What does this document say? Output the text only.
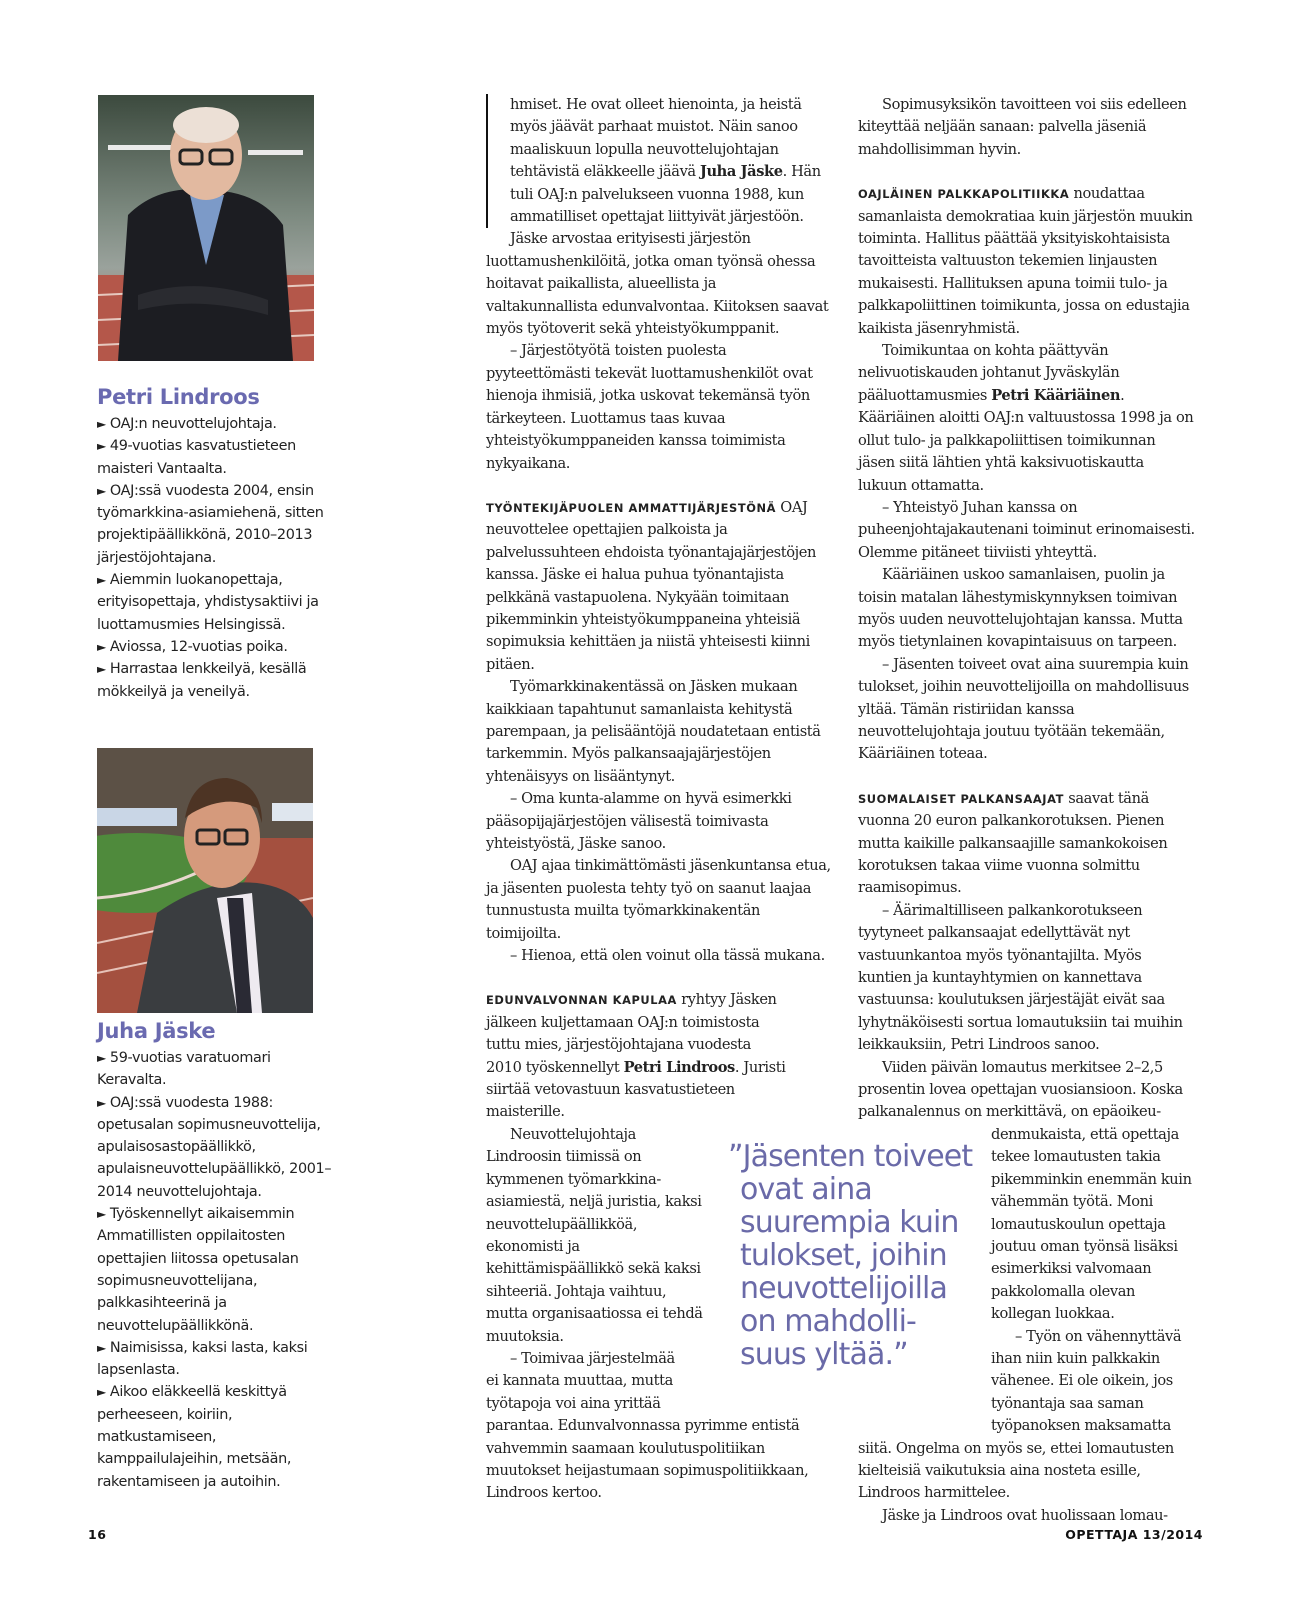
Petri Lindroos
► OAJ:n neuvottelujohtaja.
► 49-vuotias kasvatustieteen maisteri Vantaalta.
► OAJ:ssä vuodesta 2004, ensin työmarkkina-asiamiehenä, sitten projektipäällikkönä, 2010–2013 järjestöjohtajana.
► Aiemmin luokanopettaja, erityisopettaja, yhdistysaktiivi ja luottamusmies Helsingissä.
► Aviossa, 12-vuotias poika.
► Harrastaa lenkkeilyä, kesällä mökkeilyä ja veneilyä.
Juha Jäske
► 59-vuotias varatuomari Keravalta.
► OAJ:ssä vuodesta 1988: opetusalan sopimusneuvottelija, apulaisosastopäällikkö, apulaisneuvottelupäällikkö, 2001–2014 neuvottelujohtaja.
► Työskennellyt aikaisemmin Ammatillisten oppilaitosten opettajien liitossa opetusalan sopimusneuvottelijana, palkkasihteerinä ja neuvottelupäällikkönä.
► Naimisissa, kaksi lasta, kaksi lapsenlasta.
► Aikoo eläkkeellä keskittyä perheeseen, koiriin, matkustamiseen, kamppailulajeihin, metsään, rakentamiseen ja autoihin.

hmiset. He ovat olleet hienointa, ja heistä myös jäävät parhaat muistot. Näin sanoo maaliskuun lopulla neuvottelujohtajan tehtävistä eläkkeelle jäävä Juha Jäske. Hän tuli OAJ:n palvelukseen vuonna 1988, kun ammatilliset opettajat liittyivät järjestöön.

Jäske arvostaa erityisesti järjestön luottamushenkilöitä, jotka oman työnsä ohessa hoitavat paikallista, alueellista ja valtakunnallista edunvalvontaa. Kiitoksen saavat myös työtoverit sekä yhteistyökumppanit.

– Järjestötyötä toisten puolesta pyyteettömästi tekevät luottamushenkilöt ovat hienoja ihmisiä, jotka uskovat tekemänsä työn tärkeyteen. Luottamus taas kuvaa yhteistyökumppaneiden kanssa toimimista nykyaikana.

TYÖNTEKIJÄPUOLEN AMMATTIJÄRJESTÖNÄ OAJ neuvottelee opettajien palkoista ja palvelussuhteen ehdoista työnantajajärjestöjen kanssa. Jäske ei halua puhua työnantajista pelkkänä vastapuolena. Nykyään toimitaan pikemminkin yhteistyökumppaneina yhteisiä sopimuksia kehittäen ja niistä yhteisesti kiinni pitäen.

Työmarkkinakentässä on Jäsken mukaan kaikkiaan tapahtunut samanlaista kehitystä parempaan, ja pelisääntöjä noudatetaan entistä tarkemmin. Myös palkansaajajärjestöjen yhtenäisyys on lisääntynyt.

– Oma kunta-alamme on hyvä esimerkki pääsopijajärjestöjen välisestä toimivasta yhteistyöstä, Jäske sanoo.

OAJ ajaa tinkimättömästi jäsenkuntansa etua, ja jäsenten puolesta tehty työ on saanut laajaa tunnustusta muilta työmarkkinakentän toimijoilta.

– Hienoa, että olen voinut olla tässä mukana.

EDUNVALVONNAN KAPULAA ryhtyy Jäsken jälkeen kuljettamaan OAJ:n toimistosta tuttu mies, järjestöjohtajana vuodesta 2010 työskennellyt Petri Lindroos. Juristi siirtää vetovastuun kasvatustieteen maisterille.

Neuvottelujohtaja Lindroosin tiimissä on kymmenen työmarkkina-asiamiestä, neljä juristia, kaksi neuvottelupäällikköä, ekonomisti ja kehittämispäällikkö sekä kaksi sihteeriä. Johtaja vaihtuu, mutta organisaatiossa ei tehdä muutoksia.

– Toimivaa järjestelmää ei kannata muuttaa, mutta työtapoja voi aina yrittää

parantaa. Edunvalvonnassa pyrimme entistä vahvemmin saamaan koulutuspolitiikan muutokset heijastumaan sopimuspolitiikkaan, Lindroos kertoo.

”Jäsenten toiveet
ovat aina
suurempia kuin
tulokset, joihin
neuvottelijoilla
on mahdolli-
suus yltää.”

Sopimusyksikön tavoitteen voi siis edelleen kiteyttää neljään sanaan: palvella jäseniä mahdollisimman hyvin.

OAJLÄINEN PALKKAPOLITIIKKA noudattaa samanlaista demokratiaa kuin järjestön muukin toiminta. Hallitus päättää yksityiskohtaisista tavoitteista valtuuston tekemien linjausten mukaisesti. Hallituksen apuna toimii tulo- ja palkkapoliittinen toimikunta, jossa on edustajia kaikista jäsenryhmistä.

Toimikuntaa on kohta päättyvän nelivuotiskauden johtanut Jyväskylän pääluottamusmies Petri Kääriäinen. Kääriäinen aloitti OAJ:n valtuustossa 1998 ja on ollut tulo- ja palkkapoliittisen toimikunnan jäsen siitä lähtien yhtä kaksivuotiskautta lukuun ottamatta.

– Yhteistyö Juhan kanssa on puheenjohtajakautenani toiminut erinomaisesti. Olemme pitäneet tiiviisti yhteyttä.

Kääriäinen uskoo samanlaisen, puolin ja toisin matalan lähestymiskynnyksen toimivan myös uuden neuvottelujohtajan kanssa. Mutta myös tietynlainen kovapintaisuus on tarpeen.

– Jäsenten toiveet ovat aina suurempia kuin tulokset, joihin neuvottelijoilla on mahdollisuus yltää. Tämän ristiriidan kanssa neuvottelujohtaja joutuu työtään tekemään, Kääriäinen toteaa.

SUOMALAISET PALKANSAAJAT saavat tänä vuonna 20 euron palkankorotuksen. Pienen mutta kaikille palkansaajille samankokoisen korotuksen takaa viime vuonna solmittu raamisopimus.

– Äärimaltilliseen palkankorotukseen tyytyneet palkansaajat edellyttävät nyt vastuunkantoa myös työnantajilta. Myös kuntien ja kuntayhtymien on kannettava vastuunsa: koulutuksen järjestäjät eivät saa lyhytnäköisesti sortua lomautuksiin tai muihin leikkauksiin, Petri Lindroos sanoo.

Viiden päivän lomautus merkitsee 2–2,5 prosentin lovea opettajan vuosiansioon. Koska palkanalennus on merkittävä, on epäoikeu-

denmukaista, että opettaja tekee lomautusten takia pikemminkin enemmän kuin vähemmän työtä. Moni lomautuskoulun opettaja joutuu oman työnsä lisäksi esimerkiksi valvomaan pakkolomalla olevan kollegan luokkaa.

– Työn on vähennyttävä ihan niin kuin palkkakin vähenee. Ei ole oikein, jos työnantaja saa saman työpanoksen maksamatta

siitä. Ongelma on myös se, ettei lomautusten kielteisiä vaikutuksia aina nosteta esille, Lindroos harmittelee.

Jäske ja Lindroos ovat huolissaan lomau-

16	OPETTAJA 13/2014
